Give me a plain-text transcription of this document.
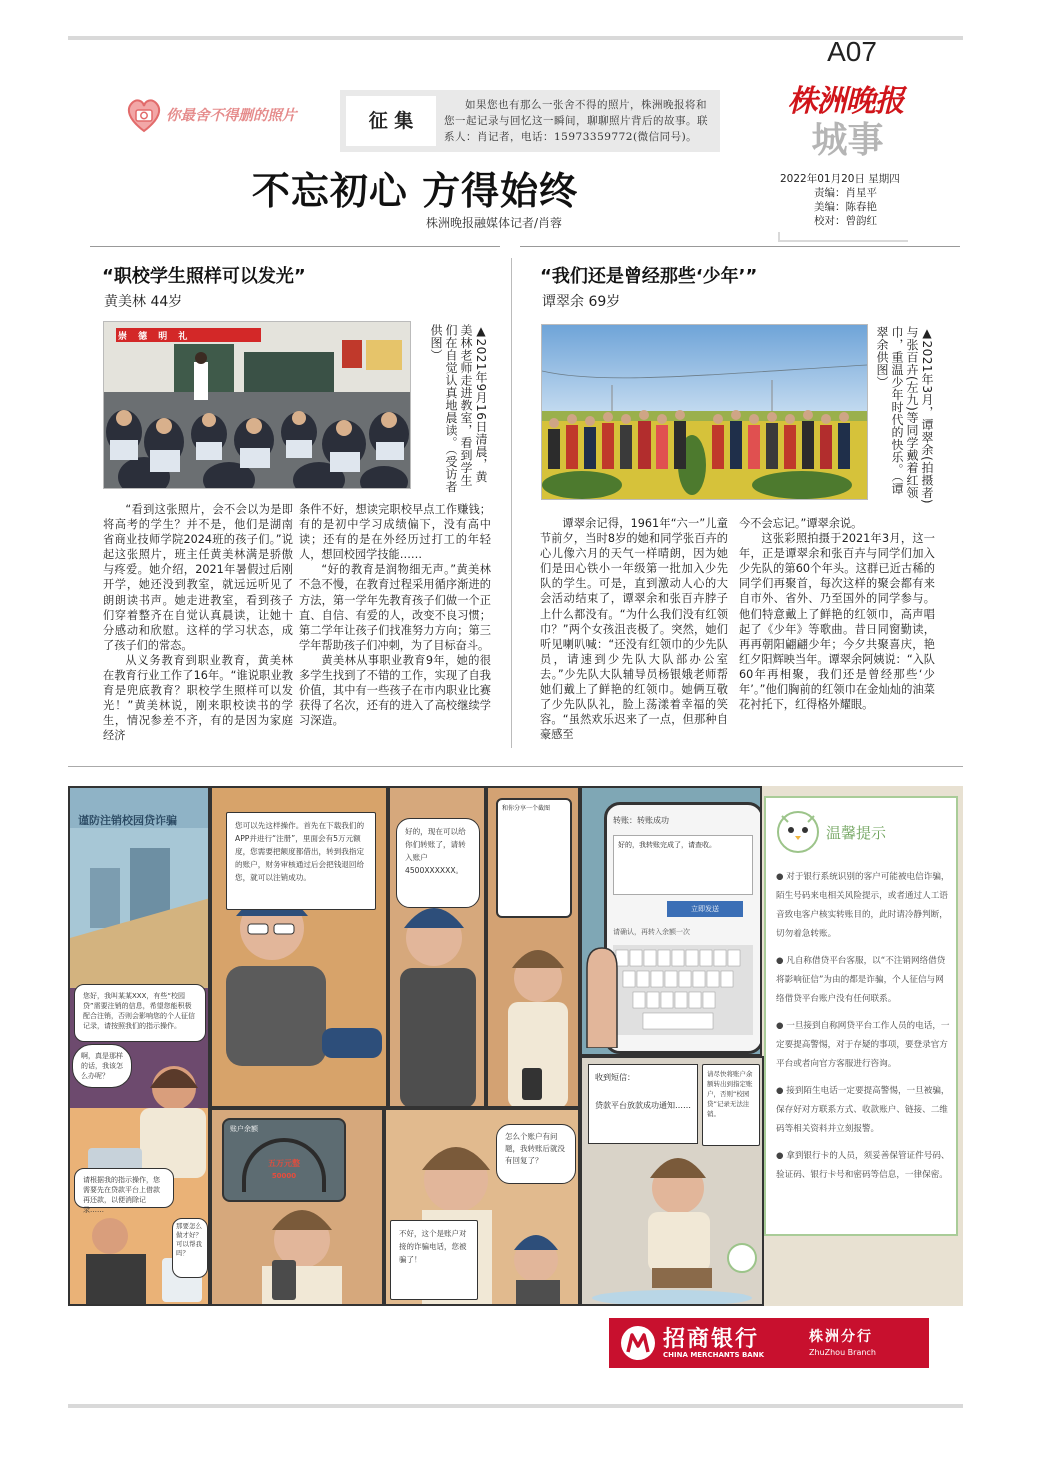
A07
株洲晚报
城事
2022年01月20日 星期四
责编：肖星平
美编：陈春艳
校对：曾韵红
你最舍不得删的照片	征 集
如果您也有那么一张舍不得的照片，株洲晚报将和您一起记录与回忆这一瞬间，聊聊照片背后的故事。联系人：肖记者，电话：15973359772(微信同号)。
不忘初心 方得始终
株洲晚报融媒体记者/肖蓉
“职校学生照样可以发光”
黄美林 44岁
崇 德 明 礼	▲2021年9月16日清晨，黄美林老师走进教室，看到学生们在自觉认真地晨读。（受访者供图）

“看到这张照片，会不会以为是即将高考的学生？并不是，他们是湖南省商业技师学院2024班的孩子们。”说起这张照片，班主任黄美林满是骄傲与疼爱。她介绍，2021年暑假过后刚开学，她还没到教室，就远远听见了朗朗读书声。她走进教室，看到孩子们穿着整齐在自觉认真晨读，让她十分感动和欣慰。这样的学习状态，成了孩子们的常态。

从义务教育到职业教育，黄美林在教育行业工作了16年。“谁说职业教育是兜底教育？职校学生照样可以发光！”黄美林说，刚来职校读书的学生，情况参差不齐，有的是因为家庭经济

条件不好，想读完职校早点工作赚钱；有的是初中学习成绩偏下，没有高中读；还有的是在外经历过打工的年轻人，想回校园学技能……

“好的教育是润物细无声。”黄美林不急不慢，在教育过程采用循序渐进的方法，第一学年先教育孩子们做一个正直、自信、有爱的人，改变不良习惯；第二学年让孩子们找准努力方向；第三学年帮助孩子们冲刺，为了目标奋斗。

黄美林从事职业教育9年，她的很多学生找到了不错的工作，实现了自我价值，其中有一些孩子在市内职业比赛获得了名次，还有的进入了高校继续学习深造。

“我们还是曾经那些‘少年’”
谭翠余 69岁
▲2021年3月，谭翠余(拍摄者)与张百卉(左九)等同学戴着红领巾，重温少年时代的快乐。（谭翠余供图）

谭翠余记得，1961年“六一”儿童节前夕，当时8岁的她和同学张百卉的心儿像六月的天气一样晴朗，因为她们是田心铁小一年级第一批加入少先队的学生。可是，直到激动人心的大会活动结束了，谭翠余和张百卉脖子上什么都没有。“为什么我们没有红领巾？”两个女孩沮丧极了。突然，她们听见喇叭喊：“还没有红领巾的少先队员，请速到少先队大队部办公室去。”少先队大队辅导员杨银娥老师帮她们戴上了鲜艳的红领巾。她俩互敬了少先队队礼，脸上荡漾着幸福的笑容。“虽然欢乐迟来了一点，但那种自豪感至

今不会忘记。”谭翠余说。

这张彩照拍摄于2021年3月，这一年，正是谭翠余和张百卉与同学们加入少先队的第60个年头。这群已近古稀的同学们再聚首，每次这样的聚会都有来自市外、省外、乃至国外的同学参与。他们特意戴上了鲜艳的红领巾，高声唱起了《少年》等歌曲。昔日同窗勤读，再再朝阳翩翩少年；今夕共聚喜庆，艳红夕阳辉映当年。谭翠余阿姨说：“入队60年再相聚，我们还是曾经那些‘少年’。”他们胸前的红领巾在金灿灿的油菜花衬托下，红得格外耀眼。

谨防注销校园贷诈骗
您好，我叫某某XXX，有些“校园贷”需要注销的信息，希望您能积极配合注销，否则会影响您的个人征信记录，请按照我们的指示操作。
啊，真是那样的话，我该怎么办呢？
请根据我的指示操作，您需要先在贷款平台上借款再还款，以便消除记录……
那要怎么做才好？可以帮我吗？
您可以先这样操作。首先在下载我们的APP并进行“注册”，里面会有5万元额度，您需要把额度都借出，转到我指定的账户，财务审核通过后会把钱退回给您，就可以注销成功。
好的，现在可以给你们转账了，请转入账户4500XXXXXX。
和你分享一个截图
转账：转账成功
好的，我转账完成了，请查收。
立即发送
请确认，再转入余额一次
温馨提示

● 对于银行系统识别的客户可能被电信诈骗，陌生号码来电相关风险提示，或者通过人工语音致电客户核实转账目的，此时请冷静判断，切勿着急转账。

● 凡自称借贷平台客服，以“不注销网络借贷将影响征信”为由的都是诈骗，个人征信与网络借贷平台账户没有任何联系。

● 一旦接到自称网贷平台工作人员的电话，一定要提高警惕，对于存疑的事项，要登录官方平台或者向官方客服进行咨询。

● 接到陌生电话一定要提高警惕，一旦被骗，保存好对方联系方式、收款账户、链接、二维码等相关资料并立刻报警。

● 拿到银行卡的人员，须妥善保管证件号码、验证码、银行卡号和密码等信息，一律保密。

账户余额
五万元整
50000
怎么个账户有问题，我转账后就没有回复了？
不好，这个是账户对接的诈骗电话，您被骗了！
收到短信：
贷款平台放款成功通知……
请尽快将账户余额转出到指定账户，否则“校园贷”记录无法注销。
招商银行
CHINA MERCHANTS BANK
株洲分行
ZhuZhou Branch
